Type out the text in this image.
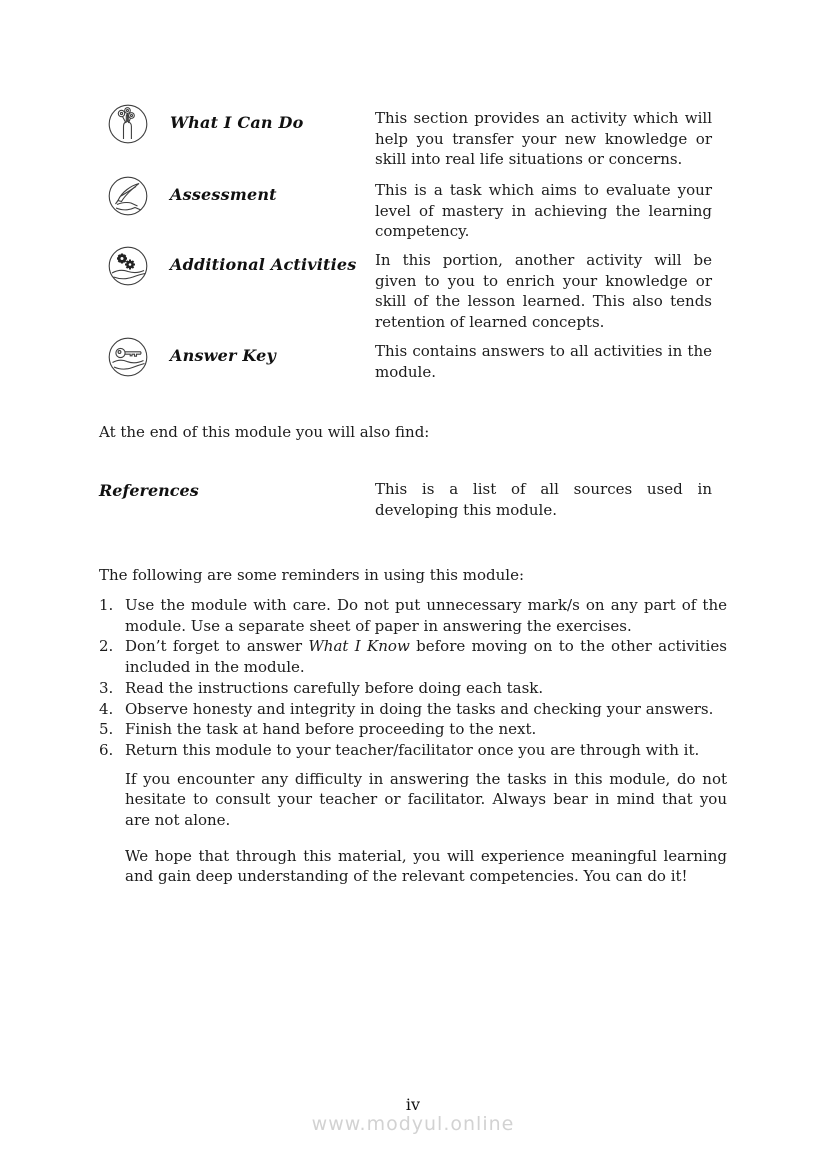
What I Can Do	This section provides an activity which will help you transfer your new knowledge or skill into real life situations or concerns.
Assessment	This is a task which aims to evaluate your level of mastery in achieving the learning competency.
Additional Activities	In this portion, another activity will be given to you to enrich your knowledge or skill of the lesson learned. This also tends retention of learned concepts.
Answer Key	This contains answers to all activities in the module.

At the end of this module you will also find:

References	This is a list of all sources used in developing this module.

The following are some reminders in using this module:

1. Use the module with care. Do not put unnecessary mark/s on any part of the module. Use a separate sheet of paper in answering the exercises.
2. Don’t forget to answer What I Know before moving on to the other activities included in the module.
3. Read the instructions carefully before doing each task.
4. Observe honesty and integrity in doing the tasks and checking your answers.
5. Finish the task at hand before proceeding to the next.
6. Return this module to your teacher/facilitator once you are through with it.

If you encounter any difficulty in answering the tasks in this module, do not hesitate to consult your teacher or facilitator. Always bear in mind that you are not alone.

We hope that through this material, you will experience meaningful learning and gain deep understanding of the relevant competencies. You can do it!

iv
www.modyul.online
